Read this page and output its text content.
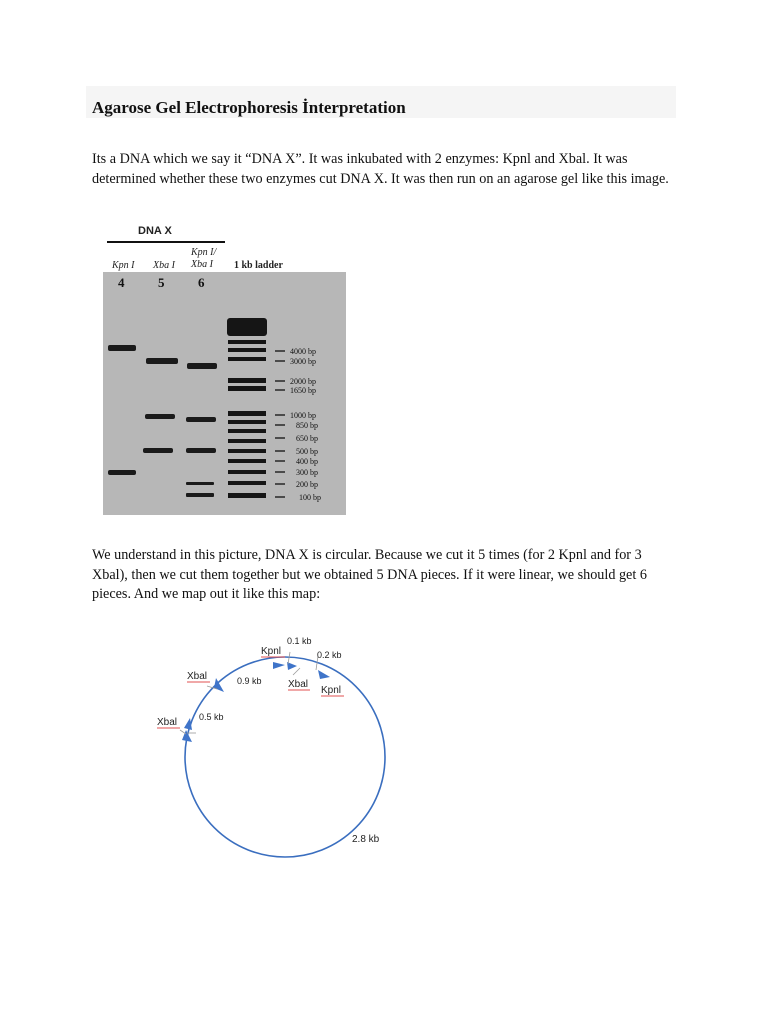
Agarose Gel Electrophoresis İnterpretation

Its a DNA which we say it “DNA X”. It was inkubated with 2 enzymes: Kpnl and Xbal. It was determined whether these two enzymes cut DNA X. It was then run on an agarose gel like this image.

DNA X
Kpn I Xba I
Kpn I/
Xba I 1 kb ladder
4	5	6
4000 bp
3000 bp
2000 bp
1650 bp
1000 bp
850 bp
650 bp
500 bp
400 bp
300 bp
200 bp
100 bp

We understand in this picture, DNA X is circular. Because we cut it 5 times (for 2 Kpnl and for 3 Xbal), then we cut them together but we obtained 5 DNA pieces. If it were linear, we should get 6 pieces. And we map out it like this map:

Kpnl
Xbal
Kpnl
Xbal
Xbal
0.1 kb
0.2 kb
0.9 kb
0.5 kb
2.8 kb
